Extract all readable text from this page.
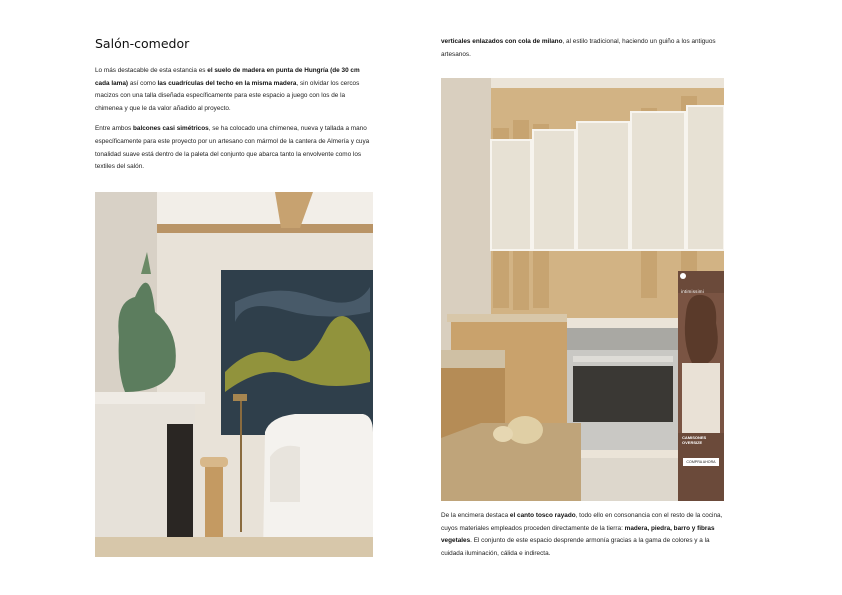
Salón-comedor

Lo más destacable de esta estancia es el suelo de madera en punta de Hungría (de 30 cm cada lama) así como las cuadrículas del techo en la misma madera, sin olvidar los cercos macizos con una talla diseñada específicamente para este espacio a juego con los de la chimenea y que le da valor añadido al proyecto.

Entre ambos balcones casi simétricos, se ha colocado una chimenea, nueva y tallada a mano específicamente para este proyecto por un artesano con mármol de la cantera de Almería y cuya tonalidad suave está dentro de la paleta del conjunto que abarca tanto la envolvente como los textiles del salón.

verticales enlazados con cola de milano, al estilo tradicional, haciendo un guiño a los antiguos artesanos.

intimissimi
CAMISONES OVERSIZE
COMPRA AHORA

De la encimera destaca el canto tosco rayado, todo ello en consonancia con el resto de la cocina, cuyos materiales empleados proceden directamente de la tierra: madera, piedra, barro y fibras vegetales. El conjunto de este espacio desprende armonía gracias a la gama de colores y a la cuidada iluminación, cálida e indirecta.
